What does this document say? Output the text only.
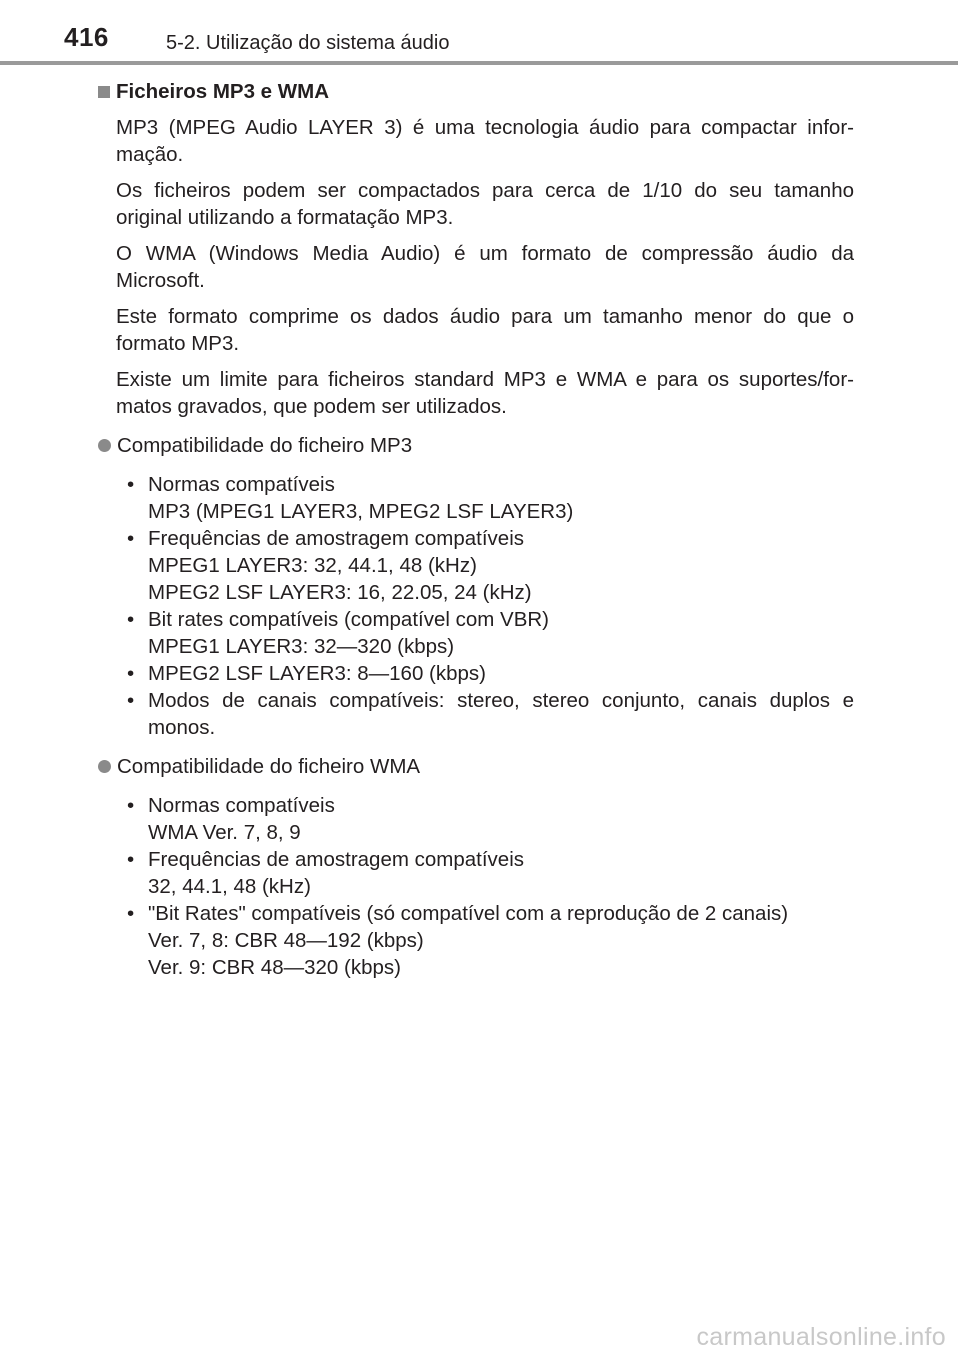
416	5-2. Utilização do sistema áudio
Ficheiros MP3 e WMA

MP3 (MPEG Audio LAYER 3) é uma tecnologia áudio para compactar infor-mação.

Os ficheiros podem ser compactados para cerca de 1/10 do seu tamanho original utilizando a formatação MP3.

O WMA (Windows Media Audio) é um formato de compressão áudio da Microsoft.

Este formato comprime os dados áudio para um tamanho menor do que o formato MP3.

Existe um limite para ficheiros standard MP3 e WMA e para os suportes/for-matos gravados, que podem ser utilizados.

Compatibilidade do ficheiro MP3
• Normas compatíveis
MP3 (MPEG1 LAYER3, MPEG2 LSF LAYER3)
• Frequências de amostragem compatíveis
MPEG1 LAYER3: 32, 44.1, 48 (kHz)
MPEG2 LSF LAYER3: 16, 22.05, 24 (kHz)
• Bit rates compatíveis (compatível com VBR)
MPEG1 LAYER3: 32—320 (kbps)
• MPEG2 LSF LAYER3: 8—160 (kbps)
• Modos de canais compatíveis: stereo, stereo conjunto, canais duplos e monos.
Compatibilidade do ficheiro WMA
• Normas compatíveis
WMA Ver. 7, 8, 9
• Frequências de amostragem compatíveis
32, 44.1, 48 (kHz)
• "Bit Rates" compatíveis (só compatível com a reprodução de 2 canais)
Ver. 7, 8: CBR 48—192 (kbps)
Ver. 9: CBR 48—320 (kbps)
carmanualsonline.info
